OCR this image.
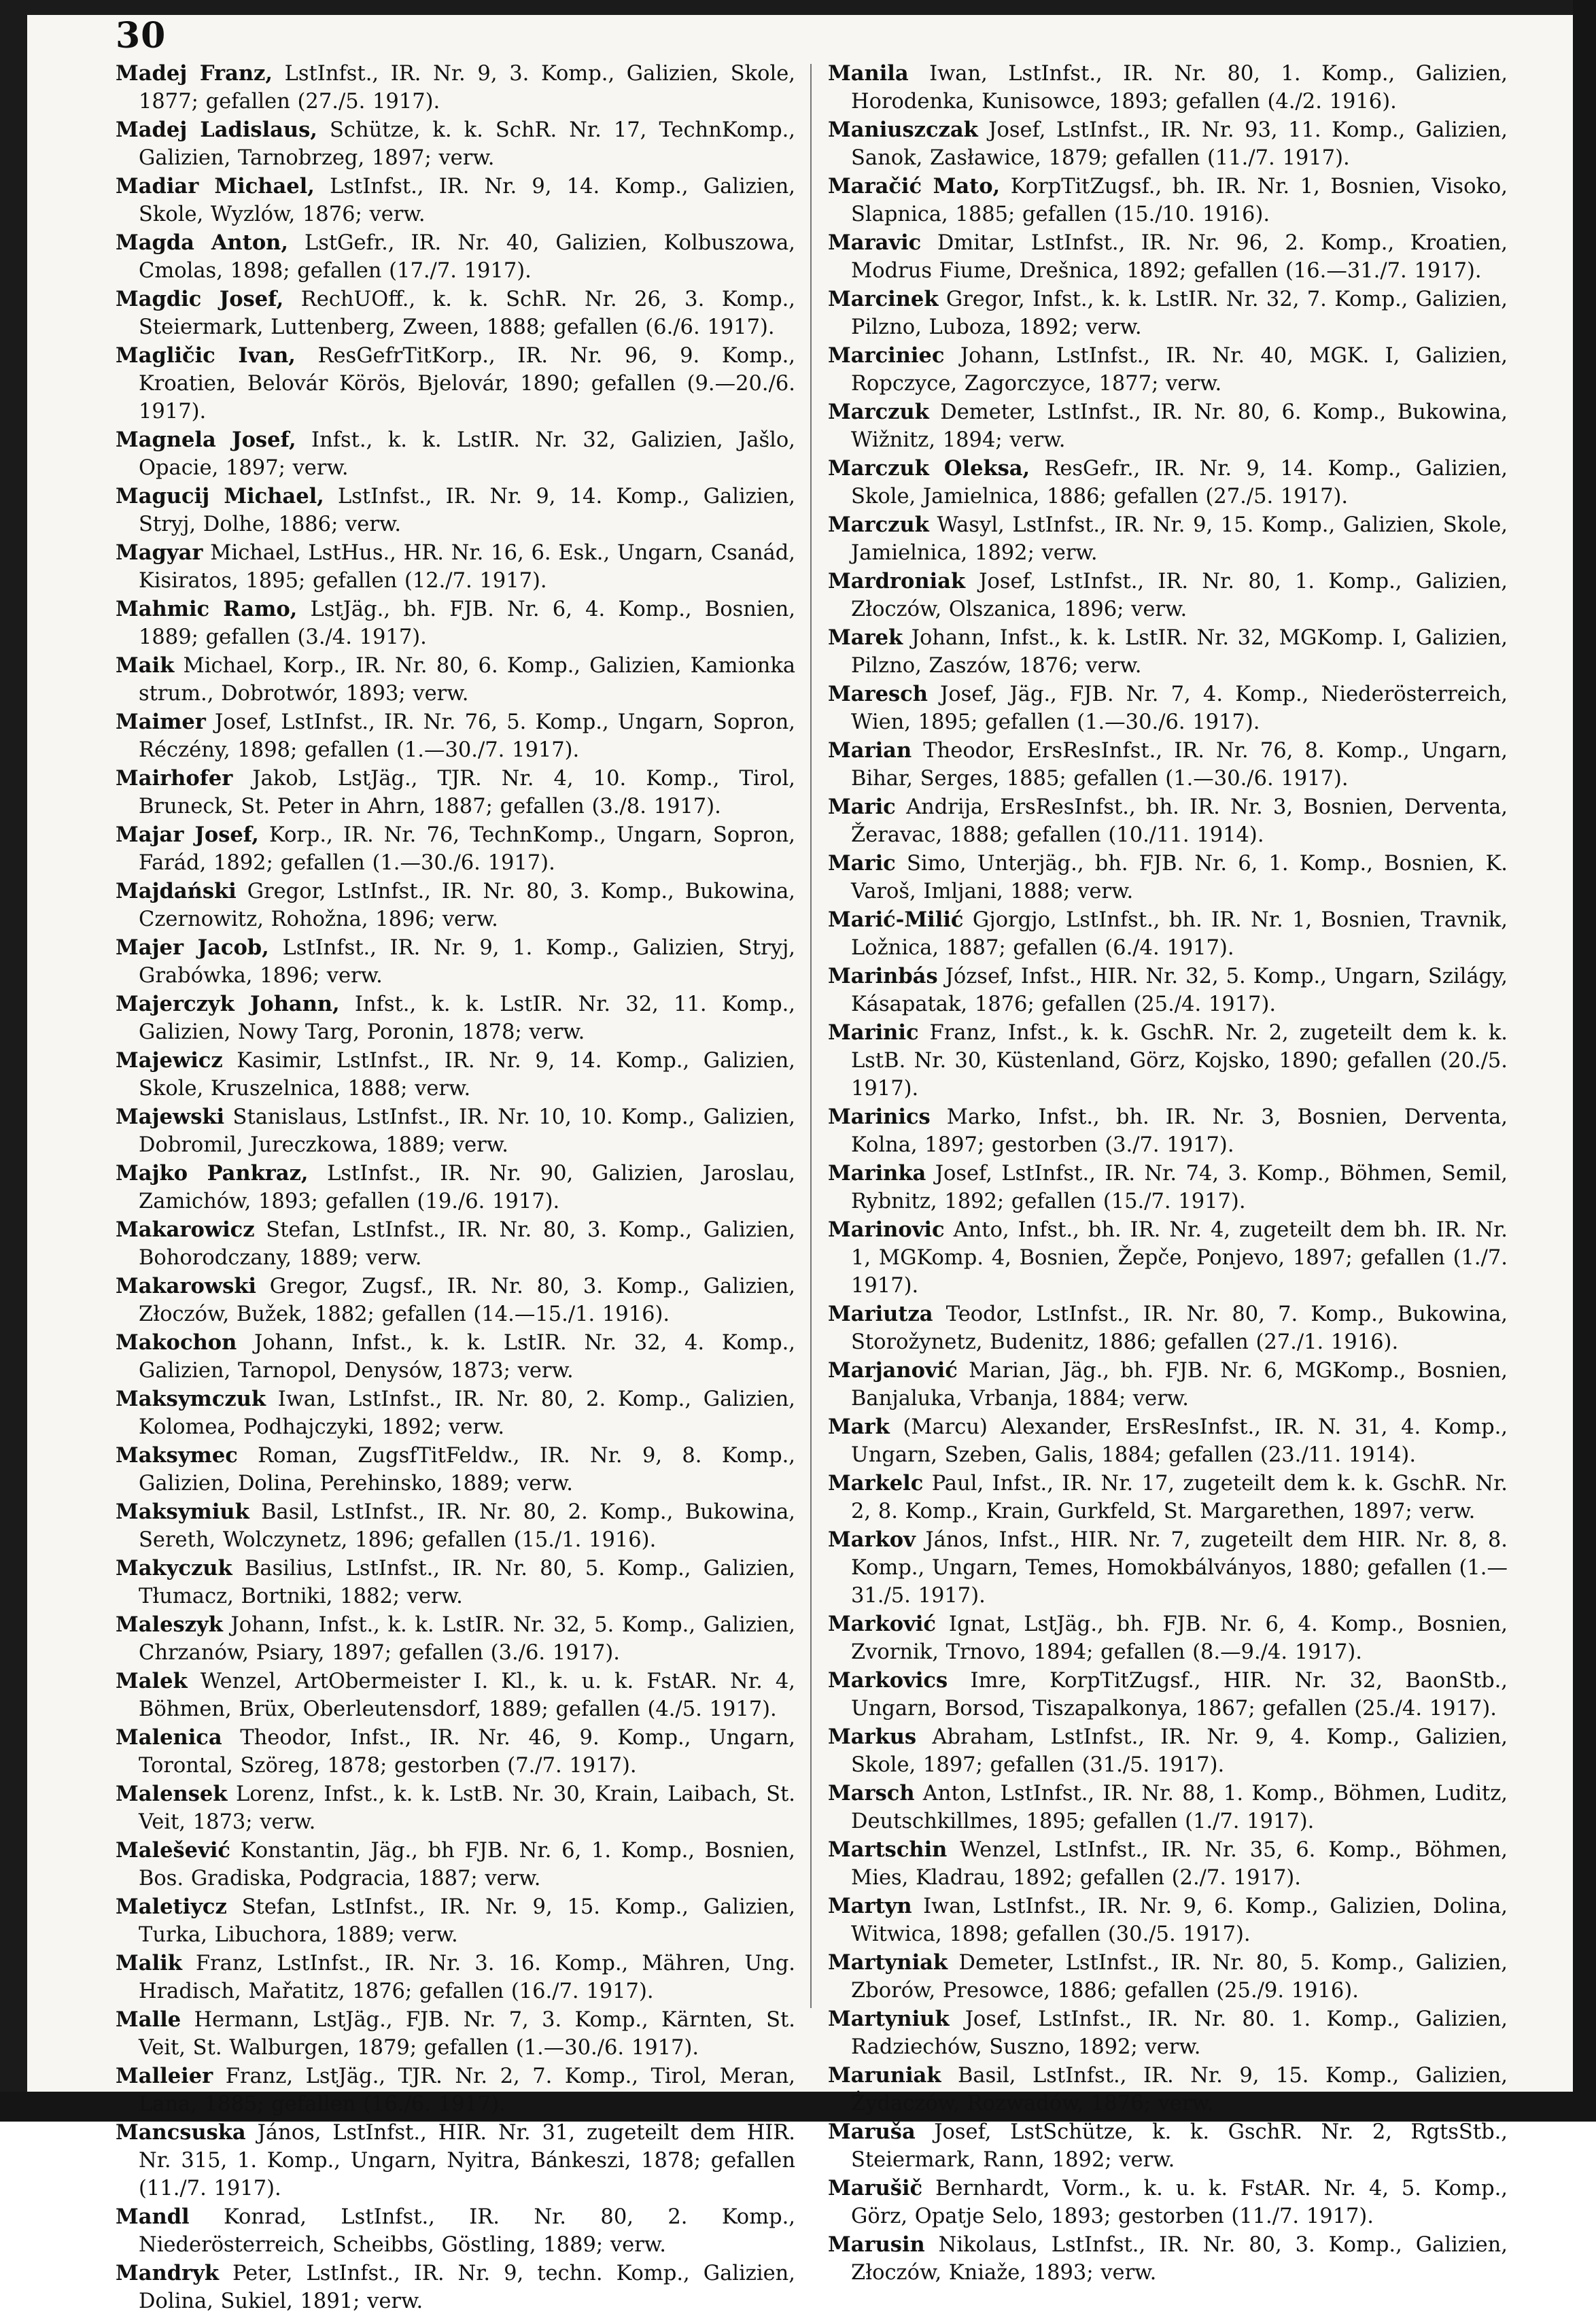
30

Madej Franz, LstInfst., IR. Nr. 9, 3. Komp., Galizien, Skole, 1877; gefallen (27./5. 1917).

Madej Ladislaus, Schütze, k. k. SchR. Nr. 17, TechnKomp., Galizien, Tarnobrzeg, 1897; verw.

Madiar Michael, LstInfst., IR. Nr. 9, 14. Komp., Galizien, Skole, Wyzlów, 1876; verw.

Magda Anton, LstGefr., IR. Nr. 40, Galizien, Kolbuszowa, Cmolas, 1898; gefallen (17./7. 1917).

Magdic Josef, RechUOff., k. k. SchR. Nr. 26, 3. Komp., Steiermark, Luttenberg, Zween, 1888; gefallen (6./6. 1917).

Magličic Ivan, ResGefrTitKorp., IR. Nr. 96, 9. Komp., Kroatien, Belovár Körös, Bjelovár, 1890; gefallen (9.—20./6. 1917).

Magnela Josef, Infst., k. k. LstIR. Nr. 32, Galizien, Jašlo, Opacie, 1897; verw.

Magucij Michael, LstInfst., IR. Nr. 9, 14. Komp., Galizien, Stryj, Dolhe, 1886; verw.

Magyar Michael, LstHus., HR. Nr. 16, 6. Esk., Ungarn, Csanád, Kisiratos, 1895; gefallen (12./7. 1917).

Mahmic Ramo, LstJäg., bh. FJB. Nr. 6, 4. Komp., Bosnien, 1889; gefallen (3./4. 1917).

Maik Michael, Korp., IR. Nr. 80, 6. Komp., Galizien, Kamionka strum., Dobrotwór, 1893; verw.

Maimer Josef, LstInfst., IR. Nr. 76, 5. Komp., Ungarn, Sopron, Réczény, 1898; gefallen (1.—30./7. 1917).

Mairhofer Jakob, LstJäg., TJR. Nr. 4, 10. Komp., Tirol, Bruneck, St. Peter in Ahrn, 1887; gefallen (3./8. 1917).

Majar Josef, Korp., IR. Nr. 76, TechnKomp., Ungarn, Sopron, Farád, 1892; gefallen (1.—30./6. 1917).

Majdański Gregor, LstInfst., IR. Nr. 80, 3. Komp., Bukowina, Czernowitz, Rohožna, 1896; verw.

Majer Jacob, LstInfst., IR. Nr. 9, 1. Komp., Galizien, Stryj, Grabówka, 1896; verw.

Majerczyk Johann, Infst., k. k. LstIR. Nr. 32, 11. Komp., Galizien, Nowy Targ, Poronin, 1878; verw.

Majewicz Kasimir, LstInfst., IR. Nr. 9, 14. Komp., Galizien, Skole, Kruszelnica, 1888; verw.

Majewski Stanislaus, LstInfst., IR. Nr. 10, 10. Komp., Galizien, Dobromil, Jureczkowa, 1889; verw.

Majko Pankraz, LstInfst., IR. Nr. 90, Galizien, Jaroslau, Zamichów, 1893; gefallen (19./6. 1917).

Makarowicz Stefan, LstInfst., IR. Nr. 80, 3. Komp., Galizien, Bohorodczany, 1889; verw.

Makarowski Gregor, Zugsf., IR. Nr. 80, 3. Komp., Galizien, Złoczów, Bužek, 1882; gefallen (14.—15./1. 1916).

Makochon Johann, Infst., k. k. LstIR. Nr. 32, 4. Komp., Galizien, Tarnopol, Denysów, 1873; verw.

Maksymczuk Iwan, LstInfst., IR. Nr. 80, 2. Komp., Galizien, Kolomea, Podhajczyki, 1892; verw.

Maksymec Roman, ZugsfTitFeldw., IR. Nr. 9, 8. Komp., Galizien, Dolina, Perehinsko, 1889; verw.

Maksymiuk Basil, LstInfst., IR. Nr. 80, 2. Komp., Bukowina, Sereth, Wolczynetz, 1896; gefallen (15./1. 1916).

Makyczuk Basilius, LstInfst., IR. Nr. 80, 5. Komp., Galizien, Tłumacz, Bortniki, 1882; verw.

Maleszyk Johann, Infst., k. k. LstIR. Nr. 32, 5. Komp., Galizien, Chrzanów, Psiary, 1897; gefallen (3./6. 1917).

Malek Wenzel, ArtObermeister I. Kl., k. u. k. FstAR. Nr. 4, Böhmen, Brüx, Oberleutensdorf, 1889; gefallen (4./5. 1917).

Malenica Theodor, Infst., IR. Nr. 46, 9. Komp., Ungarn, Torontal, Szöreg, 1878; gestorben (7./7. 1917).

Malensek Lorenz, Infst., k. k. LstB. Nr. 30, Krain, Laibach, St. Veit, 1873; verw.

Malešević Konstantin, Jäg., bh FJB. Nr. 6, 1. Komp., Bosnien, Bos. Gradiska, Podgracia, 1887; verw.

Maletiycz Stefan, LstInfst., IR. Nr. 9, 15. Komp., Galizien, Turka, Libuchora, 1889; verw.

Malik Franz, LstInfst., IR. Nr. 3. 16. Komp., Mähren, Ung. Hradisch, Mařatitz, 1876; gefallen (16./7. 1917).

Malle Hermann, LstJäg., FJB. Nr. 7, 3. Komp., Kärnten, St. Veit, St. Walburgen, 1879; gefallen (1.—30./6. 1917).

Malleier Franz, LstJäg., TJR. Nr. 2, 7. Komp., Tirol, Meran, Lana, 1885; gefallen (16./6. 1917).

Mancsuska János, LstInfst., HIR. Nr. 31, zugeteilt dem HIR. Nr. 315, 1. Komp., Ungarn, Nyitra, Bánkeszi, 1878; gefallen (11./7. 1917).

Mandl Konrad, LstInfst., IR. Nr. 80, 2. Komp., Niederösterreich, Scheibbs, Göstling, 1889; verw.

Mandryk Peter, LstInfst., IR. Nr. 9, techn. Komp., Galizien, Dolina, Sukiel, 1891; verw.

Manila Iwan, LstInfst., IR. Nr. 80, 1. Komp., Galizien, Horodenka, Kunisowce, 1893; gefallen (4./2. 1916).

Maniuszczak Josef, LstInfst., IR. Nr. 93, 11. Komp., Galizien, Sanok, Zasławice, 1879; gefallen (11./7. 1917).

Maračić Mato, KorpTitZugsf., bh. IR. Nr. 1, Bosnien, Visoko, Slapnica, 1885; gefallen (15./10. 1916).

Maravic Dmitar, LstInfst., IR. Nr. 96, 2. Komp., Kroatien, Modrus Fiume, Drešnica, 1892; gefallen (16.—31./7. 1917).

Marcinek Gregor, Infst., k. k. LstIR. Nr. 32, 7. Komp., Galizien, Pilzno, Luboza, 1892; verw.

Marciniec Johann, LstInfst., IR. Nr. 40, MGK. I, Galizien, Ropczyce, Zagorczyce, 1877; verw.

Marczuk Demeter, LstInfst., IR. Nr. 80, 6. Komp., Bukowina, Wižnitz, 1894; verw.

Marczuk Oleksa, ResGefr., IR. Nr. 9, 14. Komp., Galizien, Skole, Jamielnica, 1886; gefallen (27./5. 1917).

Marczuk Wasyl, LstInfst., IR. Nr. 9, 15. Komp., Galizien, Skole, Jamielnica, 1892; verw.

Mardroniak Josef, LstInfst., IR. Nr. 80, 1. Komp., Galizien, Złoczów, Olszanica, 1896; verw.

Marek Johann, Infst., k. k. LstIR. Nr. 32, MGKomp. I, Galizien, Pilzno, Zaszów, 1876; verw.

Maresch Josef, Jäg., FJB. Nr. 7, 4. Komp., Niederösterreich, Wien, 1895; gefallen (1.—30./6. 1917).

Marian Theodor, ErsResInfst., IR. Nr. 76, 8. Komp., Ungarn, Bihar, Serges, 1885; gefallen (1.—30./6. 1917).

Maric Andrija, ErsResInfst., bh. IR. Nr. 3, Bosnien, Derventa, Žeravac, 1888; gefallen (10./11. 1914).

Maric Simo, Unterjäg., bh. FJB. Nr. 6, 1. Komp., Bosnien, K. Varoš, Imljani, 1888; verw.

Marić-Milić Gjorgjo, LstInfst., bh. IR. Nr. 1, Bosnien, Travnik, Ložnica, 1887; gefallen (6./4. 1917).

Marinbás József, Infst., HIR. Nr. 32, 5. Komp., Ungarn, Szilágy, Kásapatak, 1876; gefallen (25./4. 1917).

Marinic Franz, Infst., k. k. GschR. Nr. 2, zugeteilt dem k. k. LstB. Nr. 30, Küstenland, Görz, Kojsko, 1890; gefallen (20./5. 1917).

Marinics Marko, Infst., bh. IR. Nr. 3, Bosnien, Derventa, Kolna, 1897; gestorben (3./7. 1917).

Marinka Josef, LstInfst., IR. Nr. 74, 3. Komp., Böhmen, Semil, Rybnitz, 1892; gefallen (15./7. 1917).

Marinovic Anto, Infst., bh. IR. Nr. 4, zugeteilt dem bh. IR. Nr. 1, MGKomp. 4, Bosnien, Žepče, Ponjevo, 1897; gefallen (1./7. 1917).

Mariutza Teodor, LstInfst., IR. Nr. 80, 7. Komp., Bukowina, Storožynetz, Budenitz, 1886; gefallen (27./1. 1916).

Marjanović Marian, Jäg., bh. FJB. Nr. 6, MGKomp., Bosnien, Banjaluka, Vrbanja, 1884; verw.

Mark (Marcu) Alexander, ErsResInfst., IR. N. 31, 4. Komp., Ungarn, Szeben, Galis, 1884; gefallen (23./11. 1914).

Markelc Paul, Infst., IR. Nr. 17, zugeteilt dem k. k. GschR. Nr. 2, 8. Komp., Krain, Gurkfeld, St. Margarethen, 1897; verw.

Markov János, Infst., HIR. Nr. 7, zugeteilt dem HIR. Nr. 8, 8. Komp., Ungarn, Temes, Homokbálványos, 1880; gefallen (1.—31./5. 1917).

Marković Ignat, LstJäg., bh. FJB. Nr. 6, 4. Komp., Bosnien, Zvornik, Trnovo, 1894; gefallen (8.—9./4. 1917).

Markovics Imre, KorpTitZugsf., HIR. Nr. 32, BaonStb., Ungarn, Borsod, Tiszapalkonya, 1867; gefallen (25./4. 1917).

Markus Abraham, LstInfst., IR. Nr. 9, 4. Komp., Galizien, Skole, 1897; gefallen (31./5. 1917).

Marsch Anton, LstInfst., IR. Nr. 88, 1. Komp., Böhmen, Luditz, Deutschkillmes, 1895; gefallen (1./7. 1917).

Martschin Wenzel, LstInfst., IR. Nr. 35, 6. Komp., Böhmen, Mies, Kladrau, 1892; gefallen (2./7. 1917).

Martyn Iwan, LstInfst., IR. Nr. 9, 6. Komp., Galizien, Dolina, Witwica, 1898; gefallen (30./5. 1917).

Martyniak Demeter, LstInfst., IR. Nr. 80, 5. Komp., Galizien, Zborów, Presowce, 1886; gefallen (25./9. 1916).

Martyniuk Josef, LstInfst., IR. Nr. 80. 1. Komp., Galizien, Radziechów, Suszno, 1892; verw.

Maruniak Basil, LstInfst., IR. Nr. 9, 15. Komp., Galizien, Żydaczów, Rozwadów, 1876; verw.

Maruša Josef, LstSchütze, k. k. GschR. Nr. 2, RgtsStb., Steiermark, Rann, 1892; verw.

Marušič Bernhardt, Vorm., k. u. k. FstAR. Nr. 4, 5. Komp., Görz, Opatje Selo, 1893; gestorben (11./7. 1917).

Marusin Nikolaus, LstInfst., IR. Nr. 80, 3. Komp., Galizien, Złoczów, Kniaže, 1893; verw.
